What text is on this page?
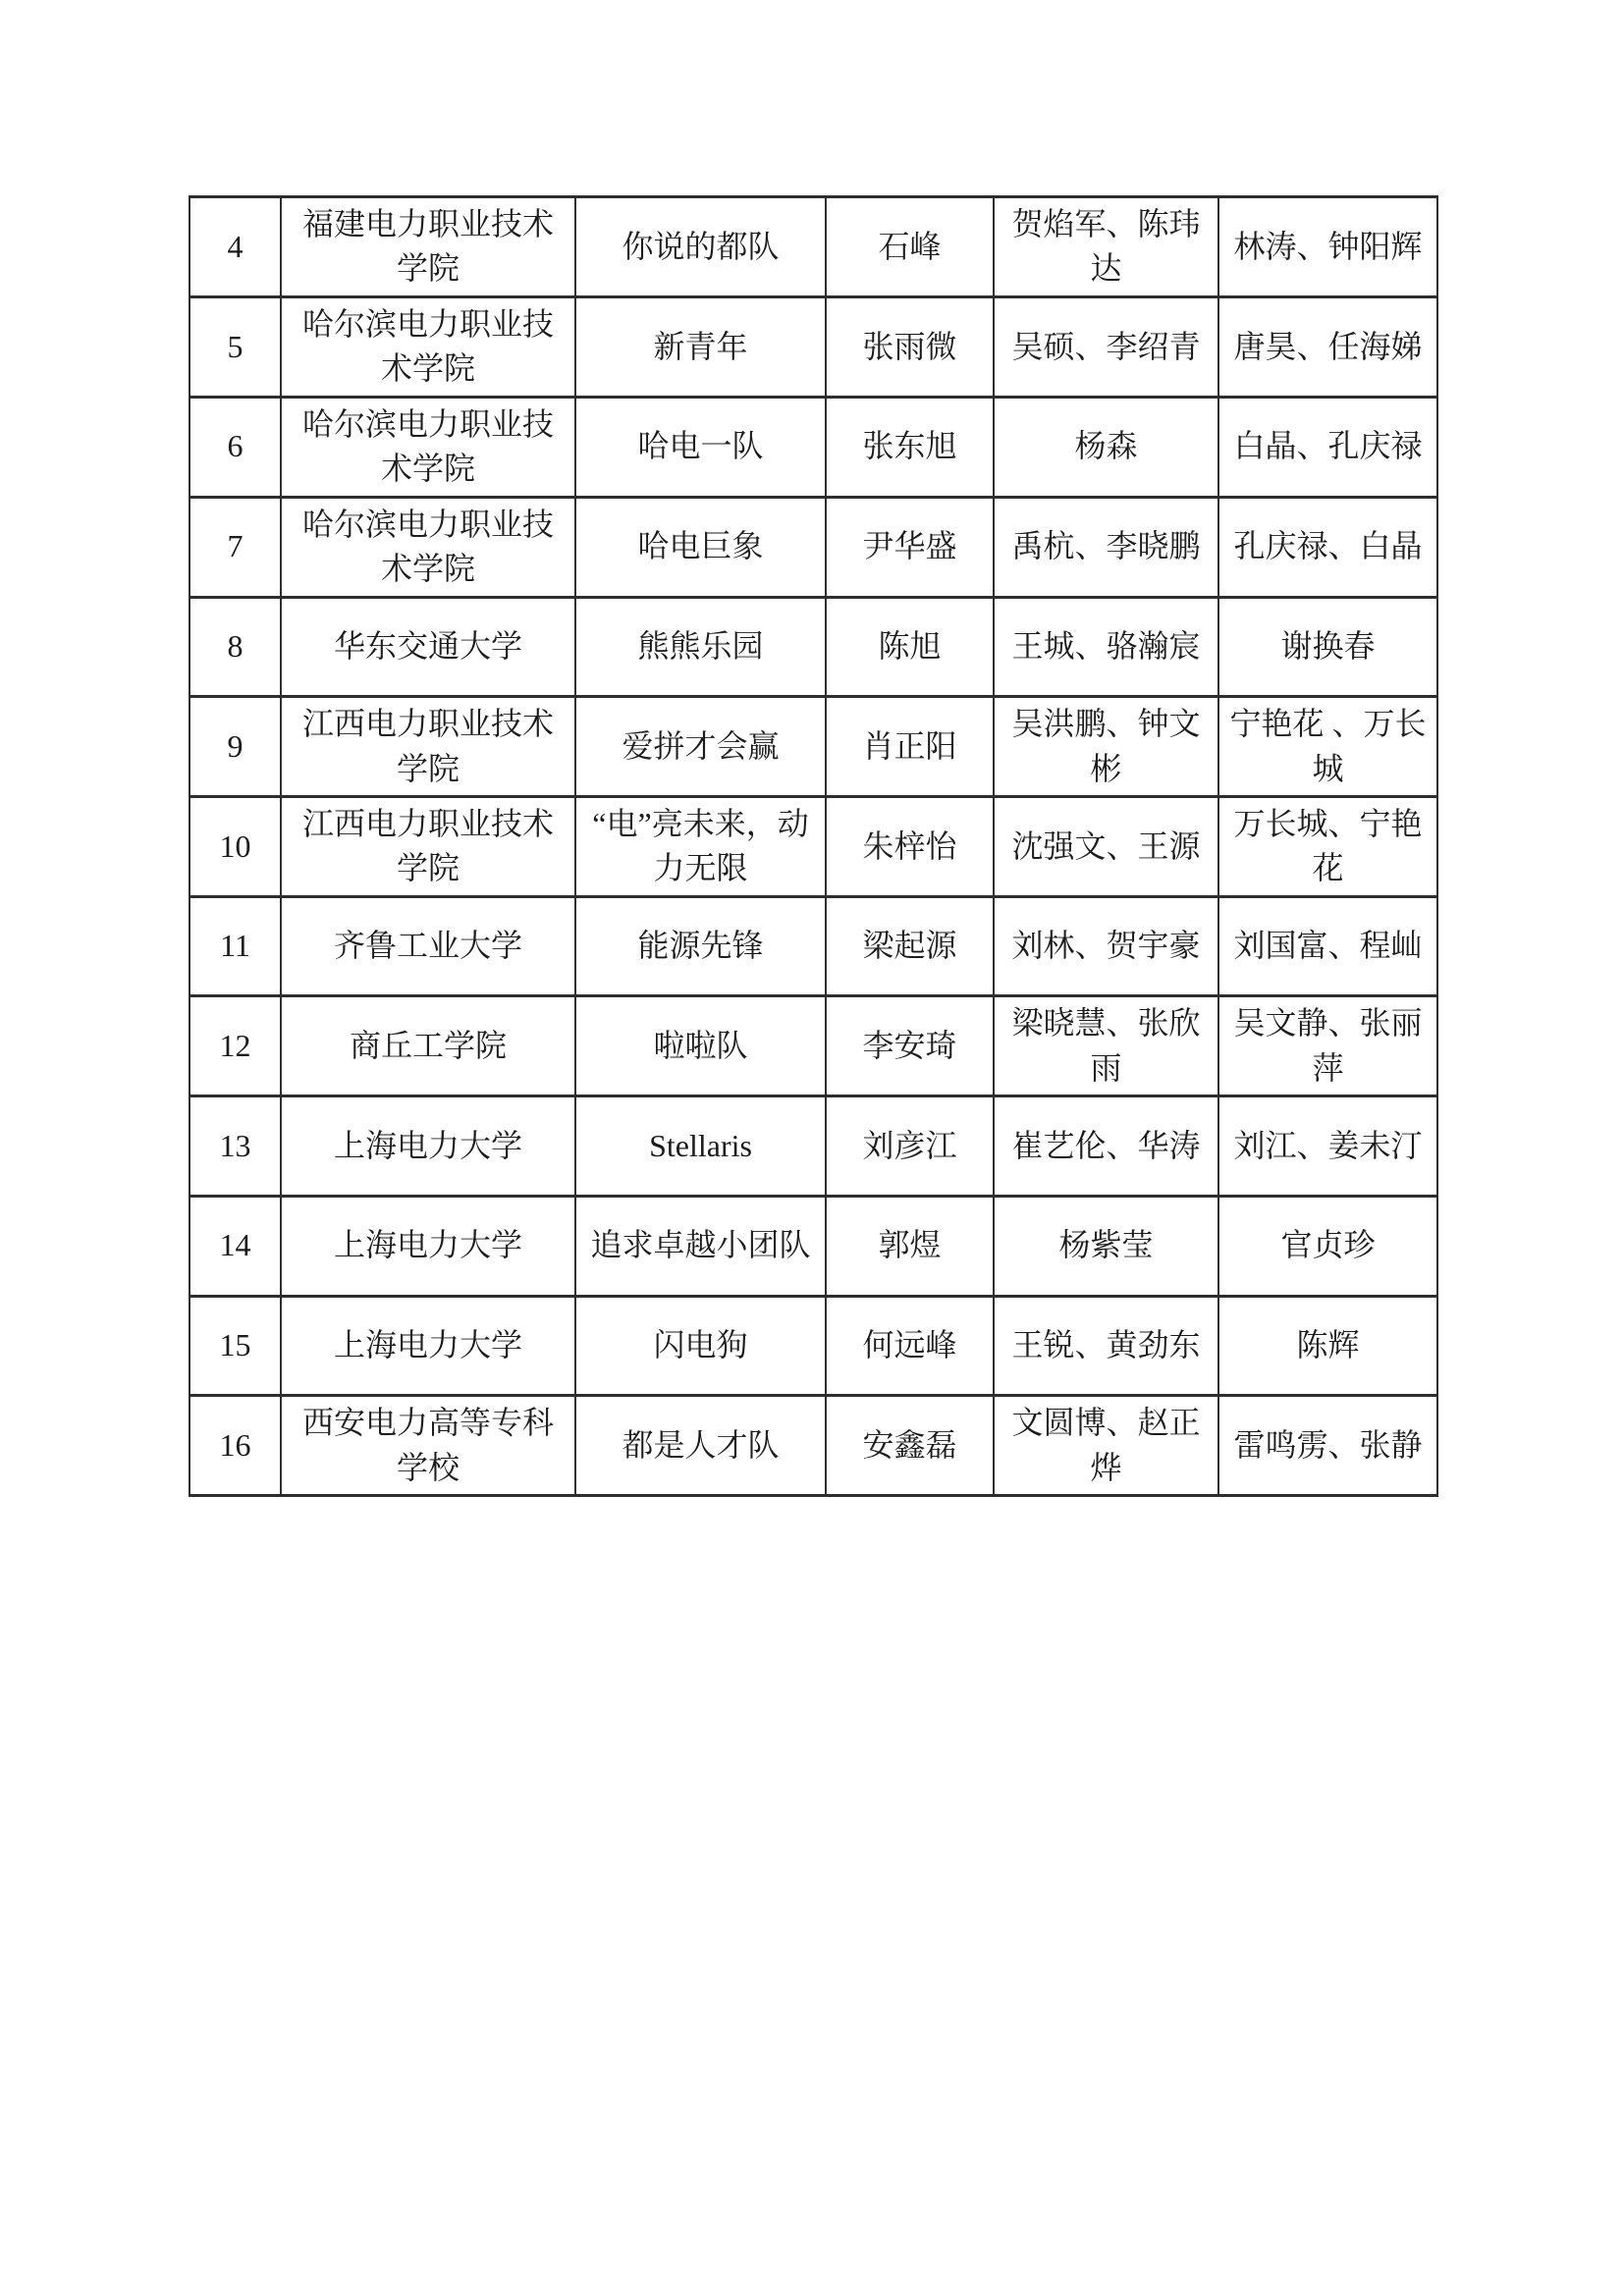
4	福建电力职业技术学院	你说的都队	石峰	贺焰军、陈玮达	林涛、钟阳辉
5	哈尔滨电力职业技术学院	新青年	张雨微	吴硕、李绍青	唐昊、任海娣
6	哈尔滨电力职业技术学院	哈电一队	张东旭	杨森	白晶、孔庆禄
7	哈尔滨电力职业技术学院	哈电巨象	尹华盛	禹杭、李晓鹏	孔庆禄、白晶
8	华东交通大学	熊熊乐园	陈旭	王城、骆瀚宸	谢换春
9	江西电力职业技术学院	爱拼才会赢	肖正阳	吴洪鹏、钟文彬	宁艳花 、万长城
10	江西电力职业技术学院	“电”亮未来，动力无限	朱梓怡	沈强文、王源	万长城、宁艳花
11	齐鲁工业大学	能源先锋	梁起源	刘林、贺宇豪	刘国富、程屾
12	商丘工学院	啦啦队	李安琦	梁晓慧、张欣雨	吴文静、张丽萍
13	上海电力大学	Stellaris	刘彦江	崔艺伦、华涛	刘江、姜未汀
14	上海电力大学	追求卓越小团队	郭煜	杨紫莹	官贞珍
15	上海电力大学	闪电狗	何远峰	王锐、黄劲东	陈辉
16	西安电力高等专科学校	都是人才队	安鑫磊	文圆博、赵正烨	雷鸣雳、张静
